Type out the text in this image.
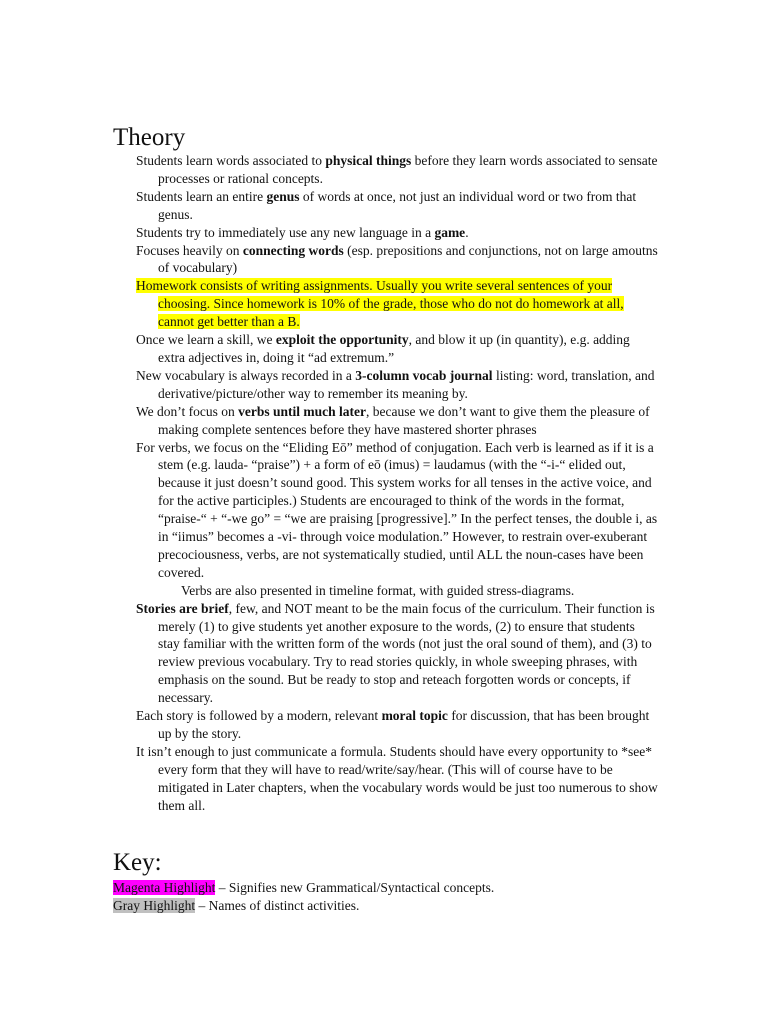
Theory

Students learn words associated to physical things before they learn words associated to sensate processes or rational concepts.

Students learn an entire genus of words at once, not just an individual word or two from that genus.

Students try to immediately use any new language in a game.

Focuses heavily on connecting words (esp. prepositions and conjunctions, not on large amoutns of vocabulary)

Homework consists of writing assignments. Usually you write several sentences of your choosing. Since homework is 10% of the grade, those who do not do homework at all, cannot get better than a B.

Once we learn a skill, we exploit the opportunity, and blow it up (in quantity), e.g. adding extra adjectives in, doing it “ad extremum.”

New vocabulary is always recorded in a 3-column vocab journal listing: word, translation, and derivative/picture/other way to remember its meaning by.

We don’t focus on verbs until much later, because we don’t want to give them the pleasure of making complete sentences before they have mastered shorter phrases

For verbs, we focus on the “Eliding Eō” method of conjugation. Each verb is learned as if it is a stem (e.g. lauda- “praise”) + a form of eō (imus) = laudamus (with the “-i-“ elided out, because it just doesn’t sound good. This system works for all tenses in the active voice, and for the active participles.) Students are encouraged to think of the words in the format, “praise-“ + “-we go” = “we are praising [progressive].” In the perfect tenses, the double i, as in “iimus” becomes a -vi- through voice modulation.” However, to restrain over-exuberant precociousness, verbs, are not systematically studied, until ALL the noun-cases have been covered.

Verbs are also presented in timeline format, with guided stress-diagrams.

Stories are brief, few, and NOT meant to be the main focus of the curriculum. Their function is merely (1) to give students yet another exposure to the words, (2) to ensure that students stay familiar with the written form of the words (not just the oral sound of them), and (3) to review previous vocabulary. Try to read stories quickly, in whole sweeping phrases, with emphasis on the sound. But be ready to stop and reteach forgotten words or concepts, if necessary.

Each story is followed by a modern, relevant moral topic for discussion, that has been brought up by the story.

It isn’t enough to just communicate a formula. Students should have every opportunity to *see* every form that they will have to read/write/say/hear. (This will of course have to be mitigated in Later chapters, when the vocabulary words would be just too numerous to show them all.

Key:

Magenta Highlight – Signifies new Grammatical/Syntactical concepts.

Gray Highlight – Names of distinct activities.
